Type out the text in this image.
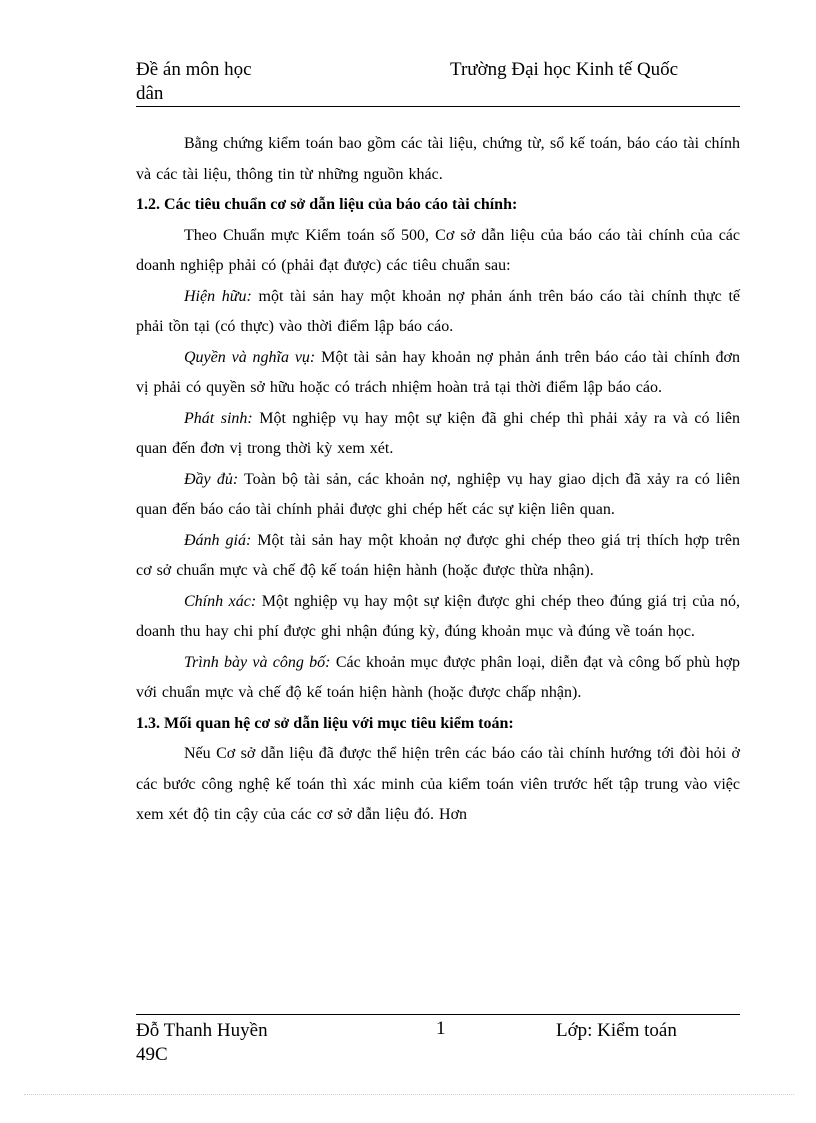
Đề án môn học
dân
Trường Đại học Kinh tế Quốc

Bằng chứng kiểm toán bao gồm các tài liệu, chứng từ, sổ kế toán, báo cáo tài chính và các tài liệu, thông tin từ những nguồn khác.

1.2. Các tiêu chuẩn cơ sở dẫn liệu của báo cáo tài chính:

Theo Chuẩn mực Kiểm toán số 500, Cơ sở dẫn liệu của báo cáo tài chính của các doanh nghiệp phải có (phải đạt được) các tiêu chuẩn sau:

Hiện hữu: một tài sản hay một khoản nợ phản ánh trên báo cáo tài chính thực tế phải tồn tại (có thực) vào thời điểm lập báo cáo.

Quyền và nghĩa vụ: Một tài sản hay khoản nợ phản ánh trên báo cáo tài chính đơn vị phải có quyền sở hữu hoặc có trách nhiệm hoàn trả tại thời điểm lập báo cáo.

Phát sinh: Một nghiệp vụ hay một sự kiện đã ghi chép thì phải xảy ra và có liên quan đến đơn vị trong thời kỳ xem xét.

Đầy đủ: Toàn bộ tài sản, các khoản nợ, nghiệp vụ hay giao dịch đã xảy ra có liên quan đến báo cáo tài chính phải được ghi chép hết các sự kiện liên quan.

Đánh giá: Một tài sản hay một khoản nợ được ghi chép theo giá trị thích hợp trên cơ sở chuẩn mực và chế độ kế toán hiện hành (hoặc được thừa nhận).

Chính xác: Một nghiệp vụ hay một sự kiện được ghi chép theo đúng giá trị của nó, doanh thu hay chi phí được ghi nhận đúng kỳ, đúng khoản mục và đúng về toán học.

Trình bày và công bố: Các khoản mục được phân loại, diễn đạt và công bố phù hợp với chuẩn mực và chế độ kế toán hiện hành (hoặc được chấp nhận).

1.3. Mối quan hệ cơ sở dẫn liệu với mục tiêu kiểm toán:

Nếu Cơ sở dẫn liệu đã được thể hiện trên các báo cáo tài chính hướng tới đòi hỏi ở các bước công nghệ kế toán thì xác minh của kiểm toán viên trước hết tập trung vào việc xem xét độ tin cậy của các cơ sở dẫn liệu đó. Hơn

Đỗ Thanh Huyền
49C
1	Lớp: Kiểm toán
